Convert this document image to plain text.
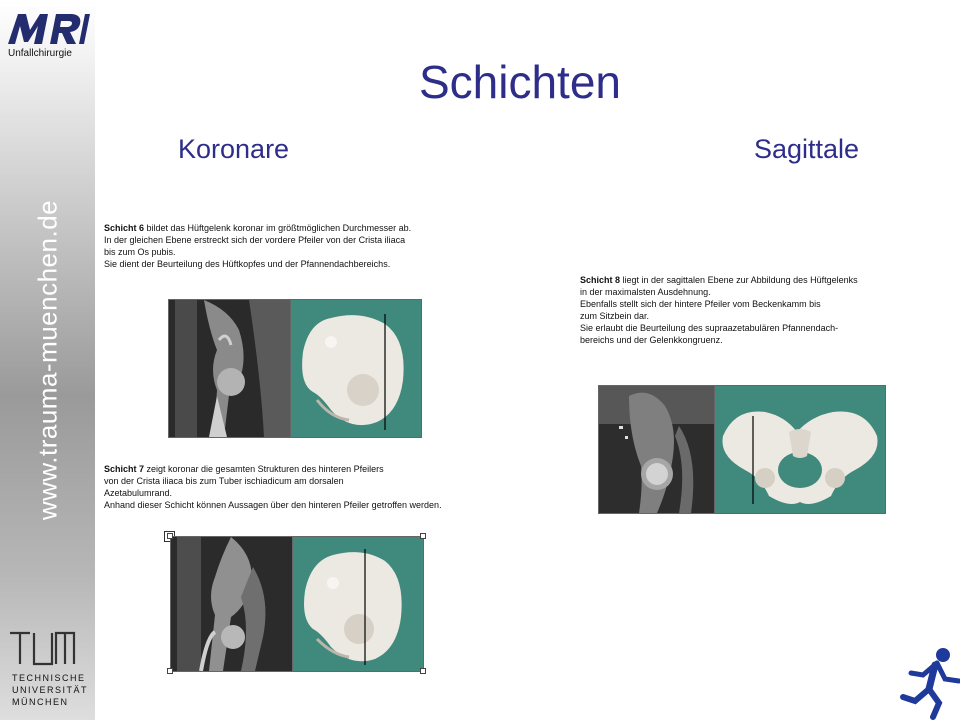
Unfallchirurgie
www.trauma-muenchen.de
TECHNISCHE
UNIVERSITÄT
MÜNCHEN
Schichten
Koronare	Sagittale
Schicht 6 bildet das Hüftgelenk koronar im größtmöglichen Durchmesser ab.
In der gleichen Ebene erstreckt sich der vordere Pfeiler von der Crista iliaca
bis zum Os pubis.
Sie dient der Beurteilung des Hüftkopfes und der Pfannendachbereichs.
Schicht 7 zeigt koronar die gesamten Strukturen des hinteren Pfeilers
von der Crista iliaca bis zum Tuber ischiadicum am dorsalen
Azetabulumrand.
Anhand dieser Schicht können Aussagen über den hinteren Pfeiler getroffen werden.
Schicht 8 liegt in der sagittalen Ebene zur Abbildung des Hüftgelenks
in der maximalsten Ausdehnung.
Ebenfalls stellt sich der hintere Pfeiler vom Beckenkamm bis
zum Sitzbein dar.
Sie erlaubt die Beurteilung des supraazetabulären Pfannendach-
bereichs und der Gelenkkongruenz.
